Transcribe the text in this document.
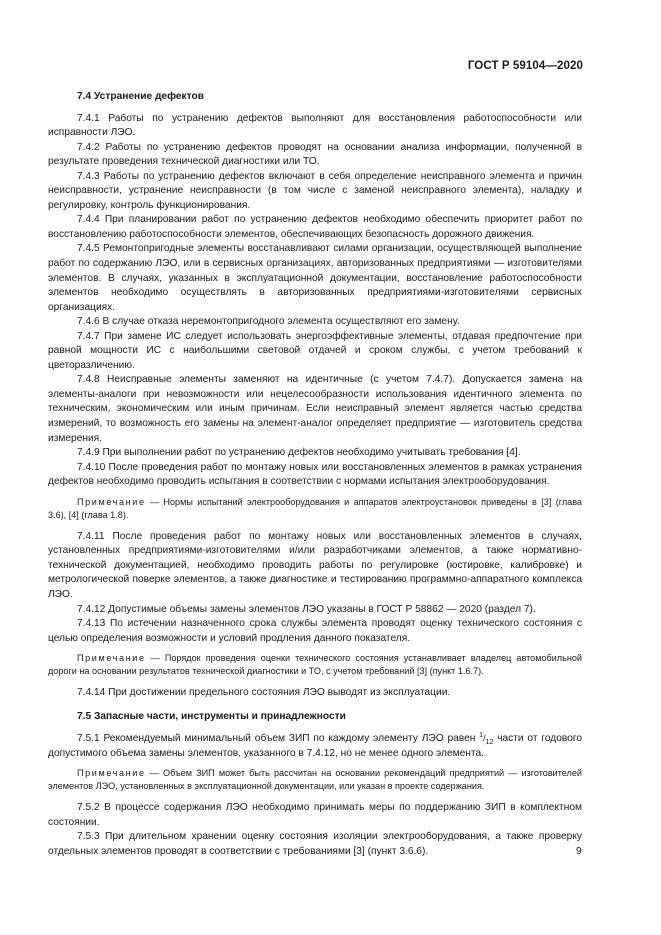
ГОСТ Р 59104—2020

7.4 Устранение дефектов

7.4.1 Работы по устранению дефектов выполняют для восстановления работоспособности или исправности ЛЭО.

7.4.2 Работы по устранению дефектов проводят на основании анализа информации, полученной в результате проведения технической диагностики или ТО.

7.4.3 Работы по устранению дефектов включают в себя определение неисправного элемента и причин неисправности, устранение неисправности (в том числе с заменой неисправного элемента), наладку и регулировку, контроль функционирования.

7.4.4 При планировании работ по устранению дефектов необходимо обеспечить приоритет работ по восстановлению работоспособности элементов, обеспечивающих безопасность дорожного движения.

7.4.5 Ремонтопригодные элементы восстанавливают силами организации, осуществляющей выполнение работ по содержанию ЛЭО, или в сервисных организациях, авторизованных предприятиями — изготовителями элементов. В случаях, указанных в эксплуатационной документации, восстановление работоспособности элементов необходимо осуществлять в авторизованных предприятиями-изготовителями сервисных организациях.

7.4.6 В случае отказа неремонтопригодного элемента осуществляют его замену.

7.4.7 При замене ИС следует использовать энергоэффективные элементы, отдавая предпочтение при равной мощности ИС с наибольшими световой отдачей и сроком службы, с учетом требований к цветоразличению.

7.4.8 Неисправные элементы заменяют на идентичные (с учетом 7.4.7). Допускается замена на элементы-аналоги при невозможности или нецелесообразности использования идентичного элемента по техническим, экономическим или иным причинам. Если неисправный элемент является частью средства измерений, то возможность его замены на элемент-аналог определяет предприятие — изготовитель средства измерения.

7.4.9 При выполнении работ по устранению дефектов необходимо учитывать требования [4].

7.4.10 После проведения работ по монтажу новых или восстановленных элементов в рамках устранения дефектов необходимо проводить испытания в соответствии с нормами испытания электрооборудования.

Примечание — Нормы испытаний электрооборудования и аппаратов электроустановок приведены в [3] (глава 3.6), [4] (глава 1.8).

7.4.11 После проведения работ по монтажу новых или восстановленных элементов в случаях, установленных предприятиями-изготовителями и/или разработчиками элементов, а также нормативно-технической документацией, необходимо проводить работы по регулировке (юстировке, калибровке) и метрологической поверке элементов, а также диагностике и тестированию программно-аппаратного комплекса ЛЭО.

7.4.12 Допустимые объемы замены элементов ЛЭО указаны в ГОСТ Р 58862 — 2020 (раздел 7).

7.4.13 По истечении назначенного срока службы элемента проводят оценку технического состояния с целью определения возможности и условий продления данного показателя.

Примечание — Порядок проведения оценки технического состояния устанавливает владелец автомобильной дороги на основании результатов технической диагностики и ТО, с учетом требований [3] (пункт 1.6.7).

7.4.14 При достижении предельного состояния ЛЭО выводят из эксплуатации.

7.5 Запасные части, инструменты и принадлежности

7.5.1 Рекомендуемый минимальный объем ЗИП по каждому элементу ЛЭО равен $^1/_{12}$ части от годового допустимого объема замены элементов, указанного в 7.4.12, но не менее одного элемента.

Примечание — Объем ЗИП может быть рассчитан на основании рекомендаций предприятий — изготовителей элементов ЛЭО, установленных в эксплуатационной документации, или указан в проекте содержания.

7.5.2 В процессе содержания ЛЭО необходимо принимать меры по поддержанию ЗИП в комплектном состоянии.

7.5.3 При длительном хранении оценку состояния изоляции электрооборудования, а также проверку отдельных элементов проводят в соответствии с требованиями [3] (пункт 3.6.6).	9
